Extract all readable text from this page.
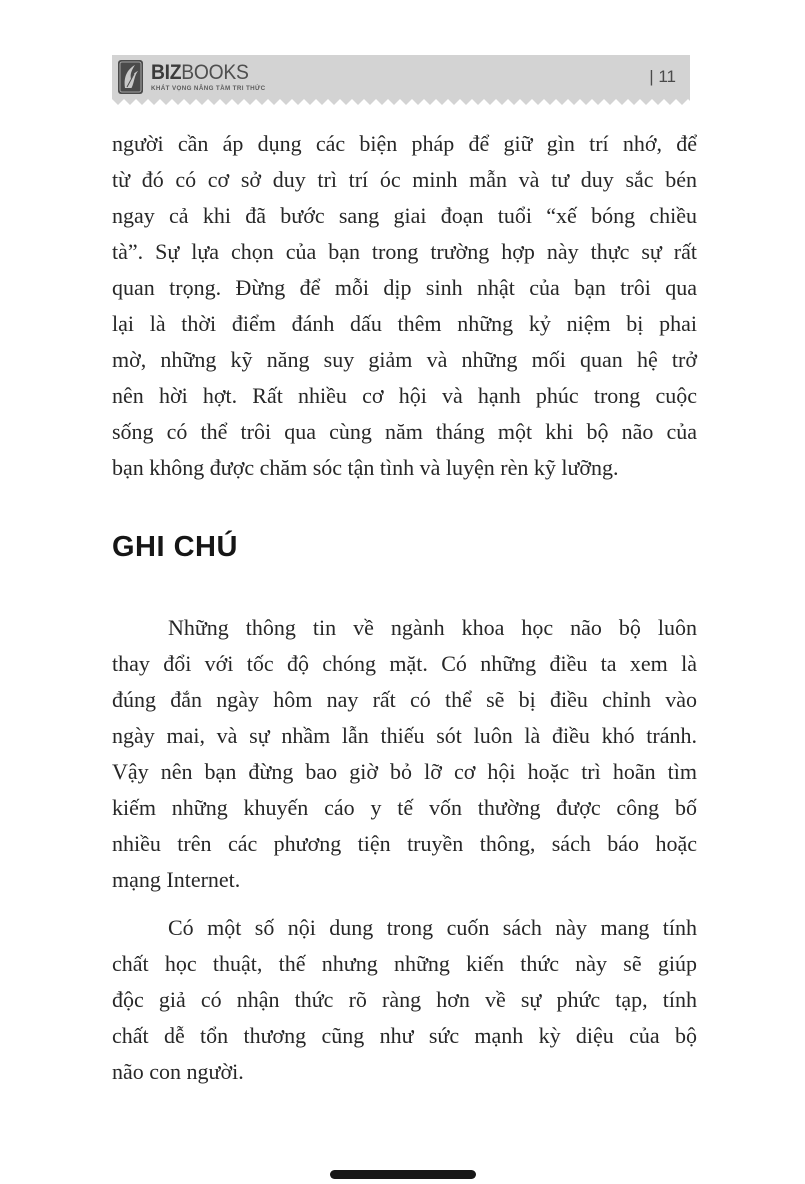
BIZBOOKS
KHÁT VỌNG NÂNG TẦM TRI THỨC
| 11
người cần áp dụng các biện pháp để giữ gìn trí nhớ, để
từ đó có cơ sở duy trì trí óc minh mẫn và tư duy sắc bén
ngay cả khi đã bước sang giai đoạn tuổi “xế bóng chiều
tà”. Sự lựa chọn của bạn trong trường hợp này thực sự rất
quan trọng. Đừng để mỗi dịp sinh nhật của bạn trôi qua
lại là thời điểm đánh dấu thêm những kỷ niệm bị phai
mờ, những kỹ năng suy giảm và những mối quan hệ trở
nên hời hợt. Rất nhiều cơ hội và hạnh phúc trong cuộc
sống có thể trôi qua cùng năm tháng một khi bộ não của
bạn không được chăm sóc tận tình và luyện rèn kỹ lưỡng.
GHI CHÚ
Những thông tin về ngành khoa học não bộ luôn
thay đổi với tốc độ chóng mặt. Có những điều ta xem là
đúng đắn ngày hôm nay rất có thể sẽ bị điều chỉnh vào
ngày mai, và sự nhầm lẫn thiếu sót luôn là điều khó tránh.
Vậy nên bạn đừng bao giờ bỏ lỡ cơ hội hoặc trì hoãn tìm
kiếm những khuyến cáo y tế vốn thường được công bố
nhiều trên các phương tiện truyền thông, sách báo hoặc
mạng Internet.
Có một số nội dung trong cuốn sách này mang tính
chất học thuật, thế nhưng những kiến thức này sẽ giúp
độc giả có nhận thức rõ ràng hơn về sự phức tạp, tính
chất dễ tổn thương cũng như sức mạnh kỳ diệu của bộ
não con người.
